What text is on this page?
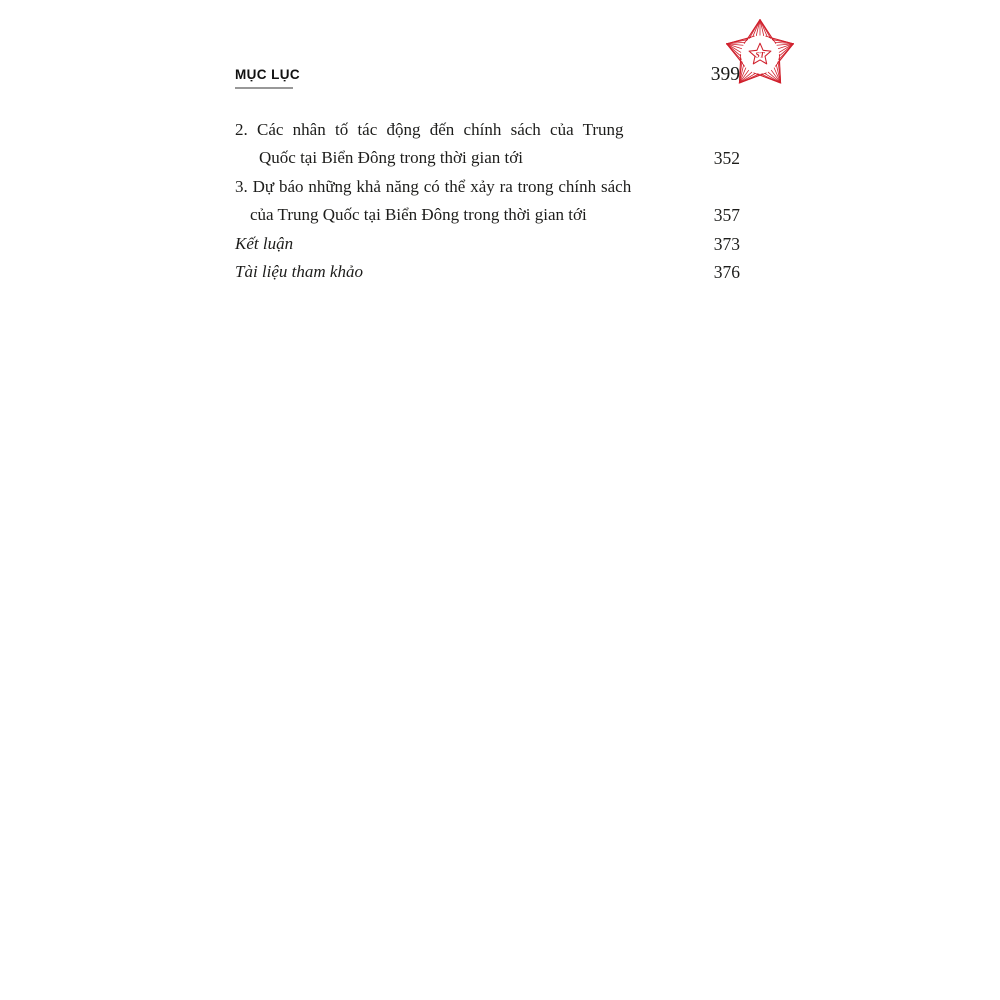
MỤC LỤC	399
ST
2. Các nhân tố tác động đến chính sách của Trung
Quốc tại Biển Đông trong thời gian tới	352
3. Dự báo những khả năng có thể xảy ra trong chính sách
của Trung Quốc tại Biển Đông trong thời gian tới	357
Kết luận	373
Tài liệu tham khảo	376
